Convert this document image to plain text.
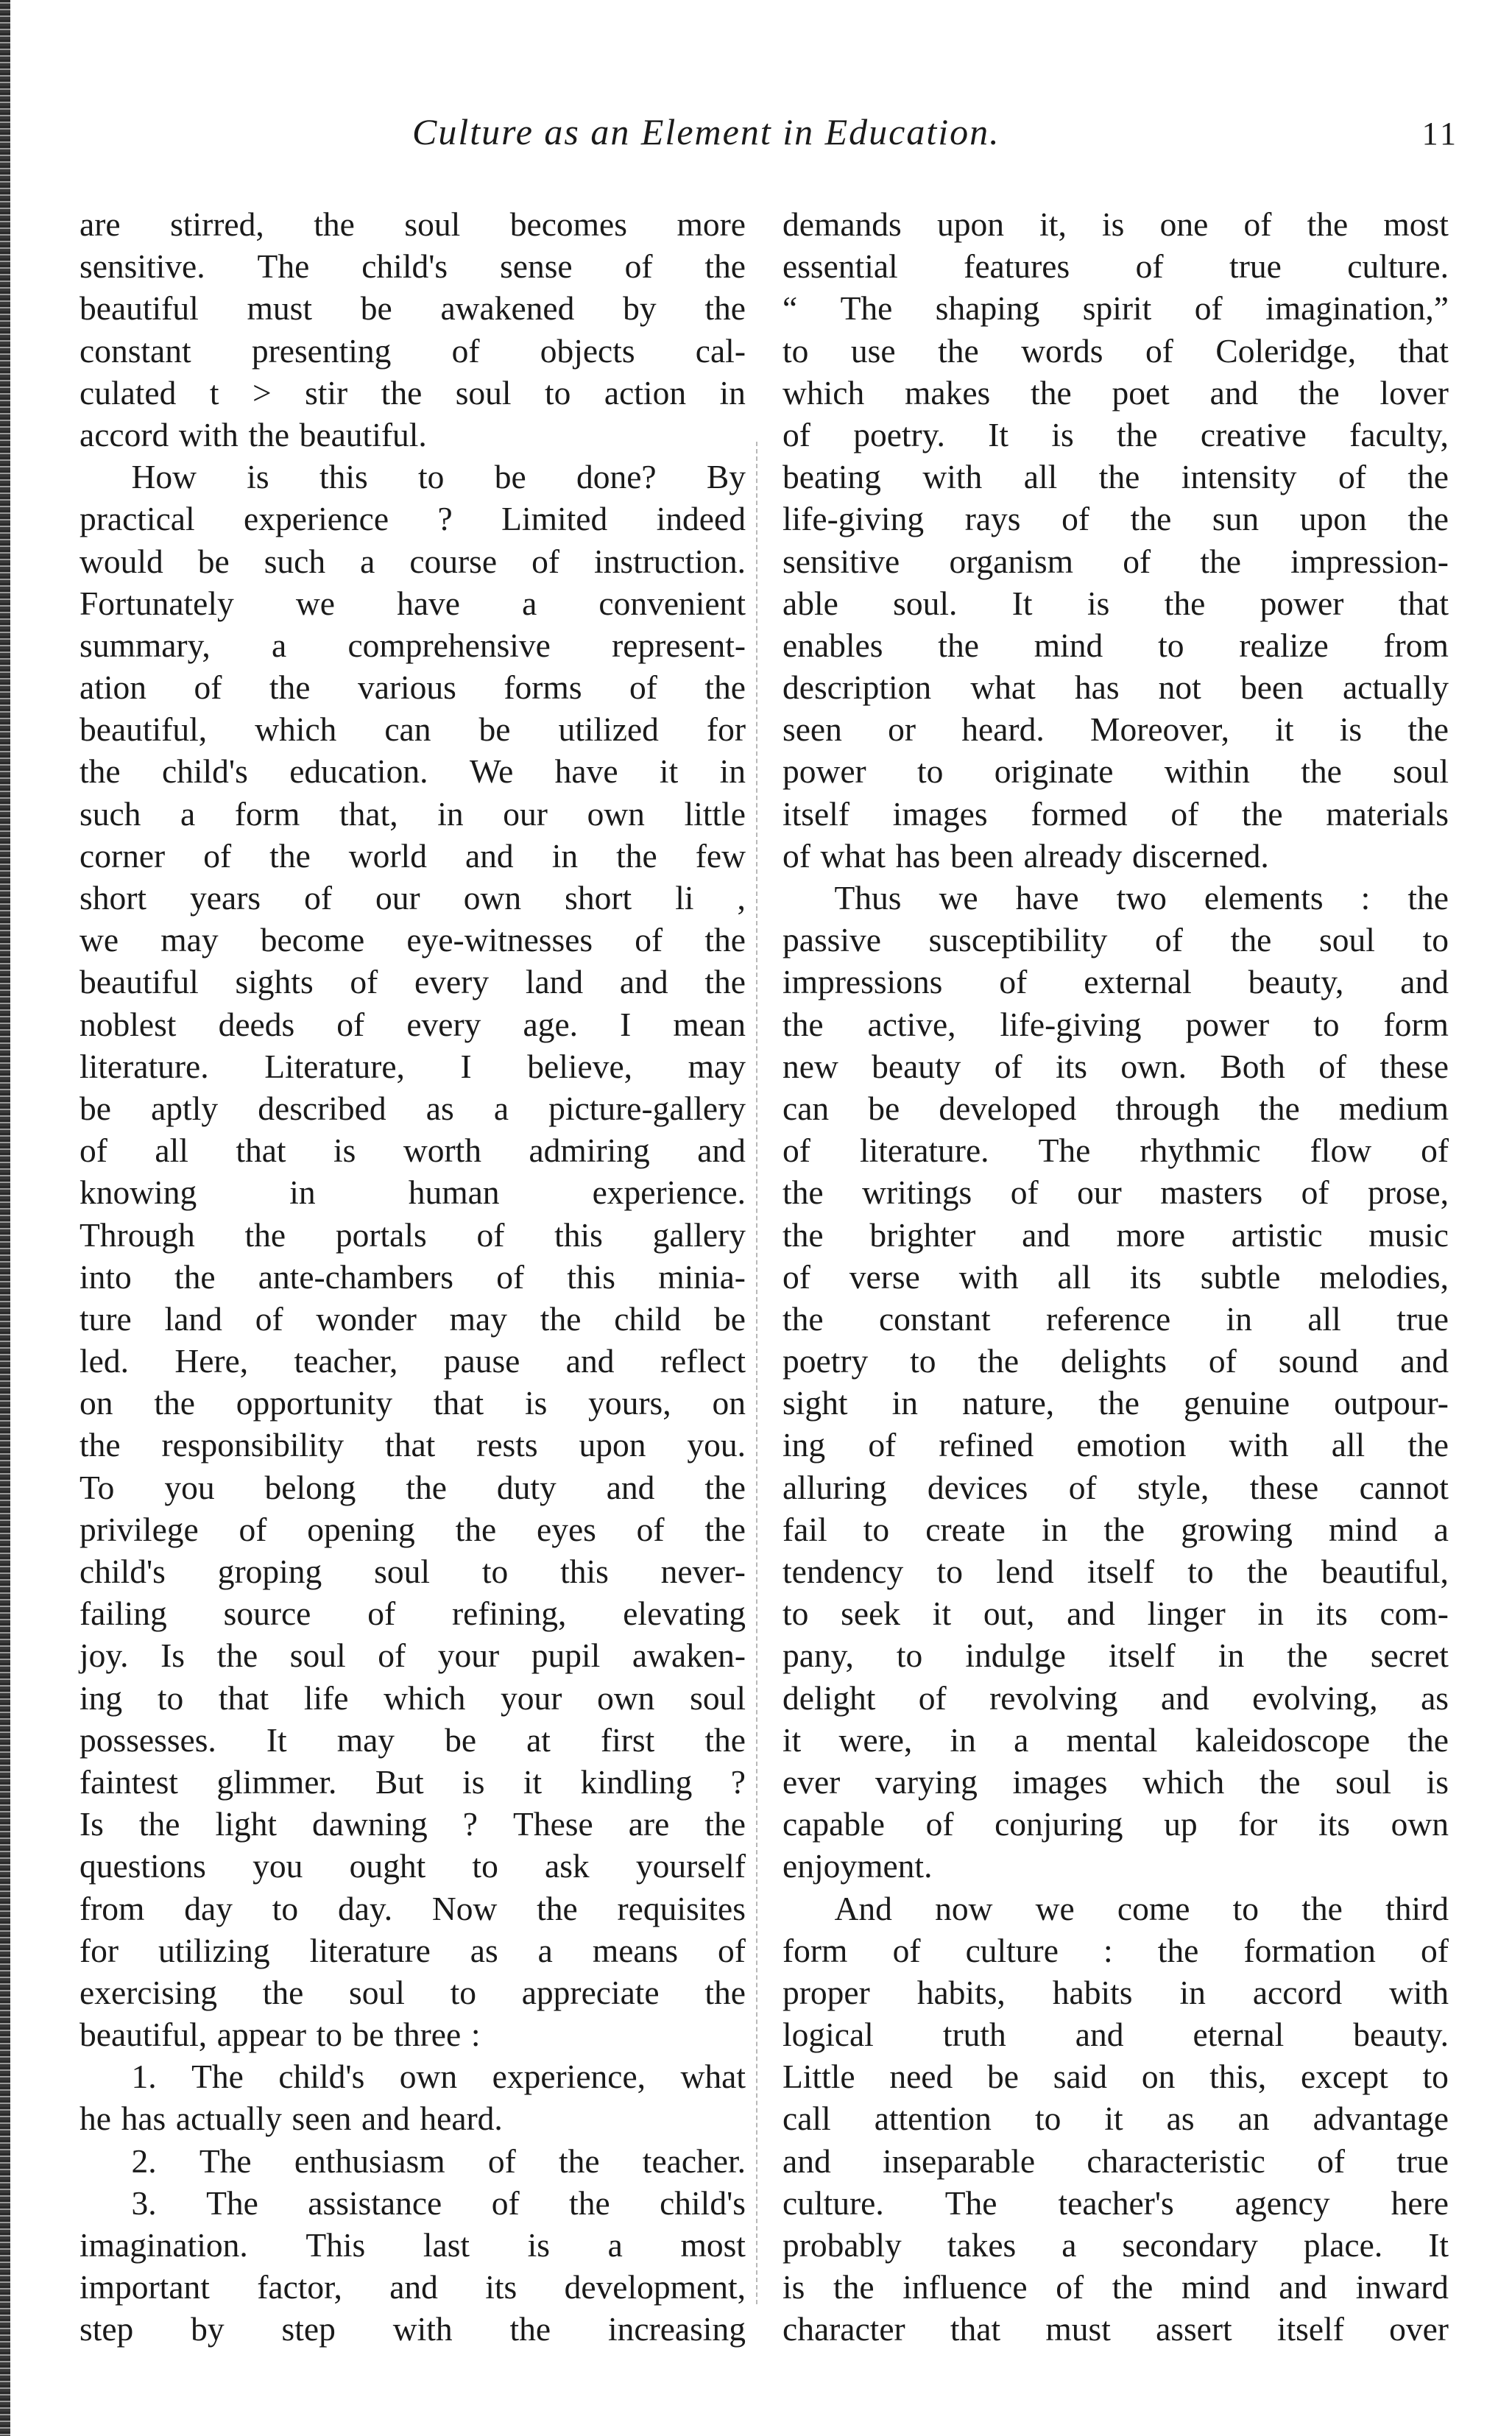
Culture as an Element in Education.	11
are stirred, the soul becomes more
sensitive. The child's sense of the
beautiful must be awakened by the
constant presenting of objects cal-
culated t > stir the soul to action in
accord with the beautiful.
How is this to be done? By
practical experience ? Limited indeed
would be such a course of instruction.
Fortunately we have a convenient
summary, a comprehensive represent-
ation of the various forms of the
beautiful, which can be utilized for
the child's education. We have it in
such a form that, in our own little
corner of the world and in the few
short years of our own short li ,
we may become eye-witnesses of the
beautiful sights of every land and the
noblest deeds of every age. I mean
literature. Literature, I believe, may
be aptly described as a picture-gallery
of all that is worth admiring and
knowing	in	human	experience.
Through the portals of this gallery
into the ante-chambers of this minia-
ture land of wonder may the child be
led. Here, teacher, pause and reflect
on the opportunity that is yours, on
the responsibility that rests upon you.
To you belong the duty and the
privilege of opening the eyes of the
child's groping soul to this never-
failing source of refining, elevating
joy. Is the soul of your pupil awaken-
ing to that life which your own soul
possesses. It may be at first the
faintest glimmer. But is it kindling ?
Is the light dawning ? These are the
questions you ought to ask yourself
from day to day. Now the requisites
for utilizing literature as a means of
exercising the soul to appreciate the
beautiful, appear to be three :
1. The child's own experience, what
he has actually seen and heard.
2. The enthusiasm of the teacher.
3. The assistance of the child's
imagination. This last is a most
important factor, and its development,
step by step with the increasing
demands upon it, is one of the most
essential features of true culture.
“ The shaping spirit of imagination,”
to use the words of Coleridge, that
which makes the poet and the lover
of poetry. It is the creative faculty,
beating with all the intensity of the
life-giving rays of the sun upon the
sensitive organism of the impression-
able soul. It is the power that
enables the mind to realize from
description what has not been actually
seen or heard. Moreover, it is the
power to originate within the soul
itself images formed of the materials
of what has been already discerned.
Thus we have two elements : the
passive susceptibility of the soul to
impressions of external beauty, and
the active, life-giving power to form
new beauty of its own. Both of these
can be developed through the medium
of literature. The rhythmic flow of
the writings of our masters of prose,
the brighter and more artistic music
of verse with all its subtle melodies,
the constant reference in all true
poetry to the delights of sound and
sight in nature, the genuine outpour-
ing of refined emotion with all the
alluring devices of style, these cannot
fail to create in the growing mind a
tendency to lend itself to the beautiful,
to seek it out, and linger in its com-
pany, to indulge itself in the secret
delight of revolving and evolving, as
it were, in a mental kaleidoscope the
ever varying images which the soul is
capable of conjuring up for its own
enjoyment.
And now we come to the third
form of culture : the formation of
proper habits, habits in accord with
logical truth and eternal beauty.
Little need be said on this, except to
call attention to it as an advantage
and inseparable characteristic of true
culture. The teacher's agency here
probably takes a secondary place. It
is the influence of the mind and inward
character that must assert itself over
